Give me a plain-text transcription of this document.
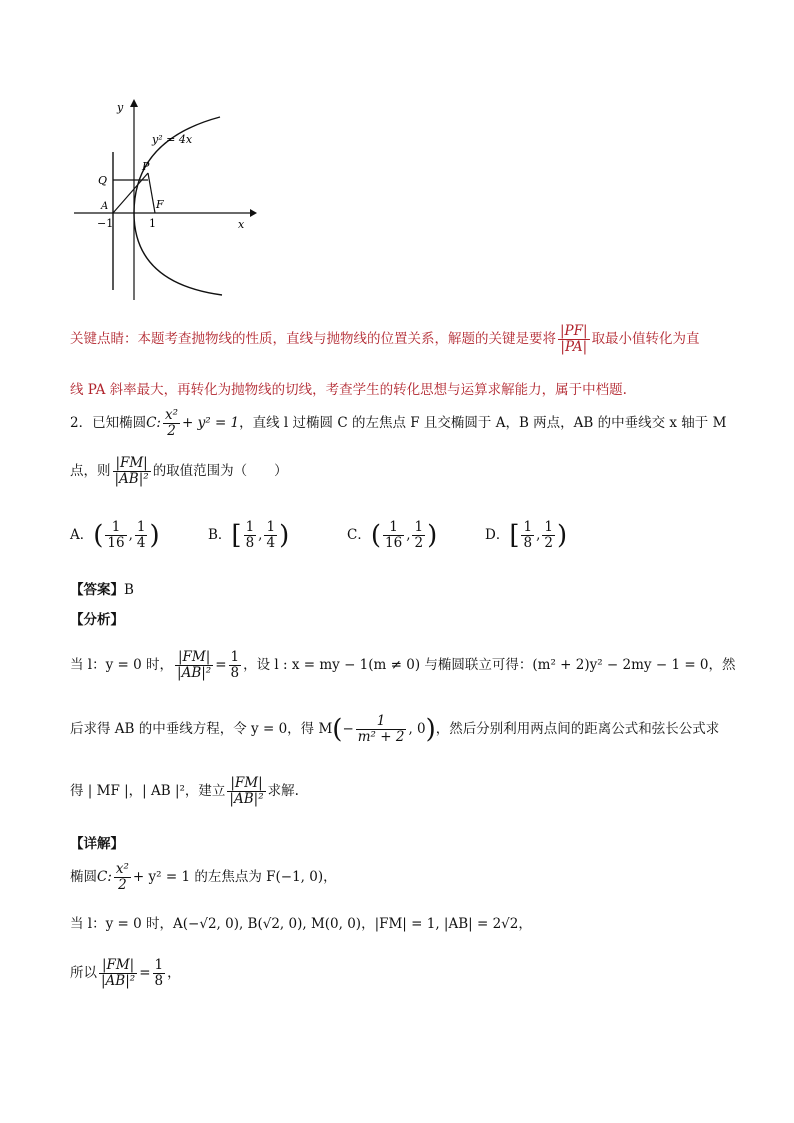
y
x
y² = 4x
P
Q
A	F
−1	1
关键点睛：本题考查抛物线的性质，直线与抛物线的位置关系，解题的关键是要将 $\frac{|PF|}{|PA|}$ 取最小值转化为直
线 PA 斜率最大，再转化为抛物线的切线，考查学生的转化思想与运算求解能力，属于中档题.
2．已知椭圆C: $\frac{\text{x²}}{2} + y^2 = 1$，直线 l 过椭圆 C 的左焦点 F 且交椭圆于 A，B 两点，AB 的中垂线交 x 轴于 M
点，则 $\frac{|FM|}{\text{|AB|²}}$ 的取值范围为（　　）
A．( $\frac{1}{16}$ , $\frac{1}{4}$ )	B．[ $\frac{1}{8}$ , $\frac{1}{4}$ )	C．( $\frac{1}{16}$ , $\frac{1}{2}$ )	D．[ $\frac{1}{8}$ , $\frac{1}{2}$ )
【答案】B
【分析】
当 l：y = 0 时， $\frac{|FM|}{\text{|AB|²}} = \frac{1}{8}$ ，设 l : x = my − 1(m ≠ 0) 与椭圆联立可得：(m² + 2)y² − 2my − 1 = 0，然
后求得 AB 的中垂线方程，令 y = 0，得 $M(- \frac{1}{\text{m² + 2}}$ , 0)，然后分别利用两点间的距离公式和弦长公式求
得 | MF |，| AB |²，建立 $\frac{|FM|}{\text{|AB|²}}$ 求解.
【详解】
椭圆C: $\frac{\text{x²}}{2} + y^2 = 1$ 的左焦点为 F(−1, 0)，
当 l：y = 0 时，A(−√2, 0), B(√2, 0), M(0, 0)，|FM| = 1, |AB| = 2√2，
所以 $\frac{|FM|}{\text{|AB|²}} = \frac{1}{8}$ ，
